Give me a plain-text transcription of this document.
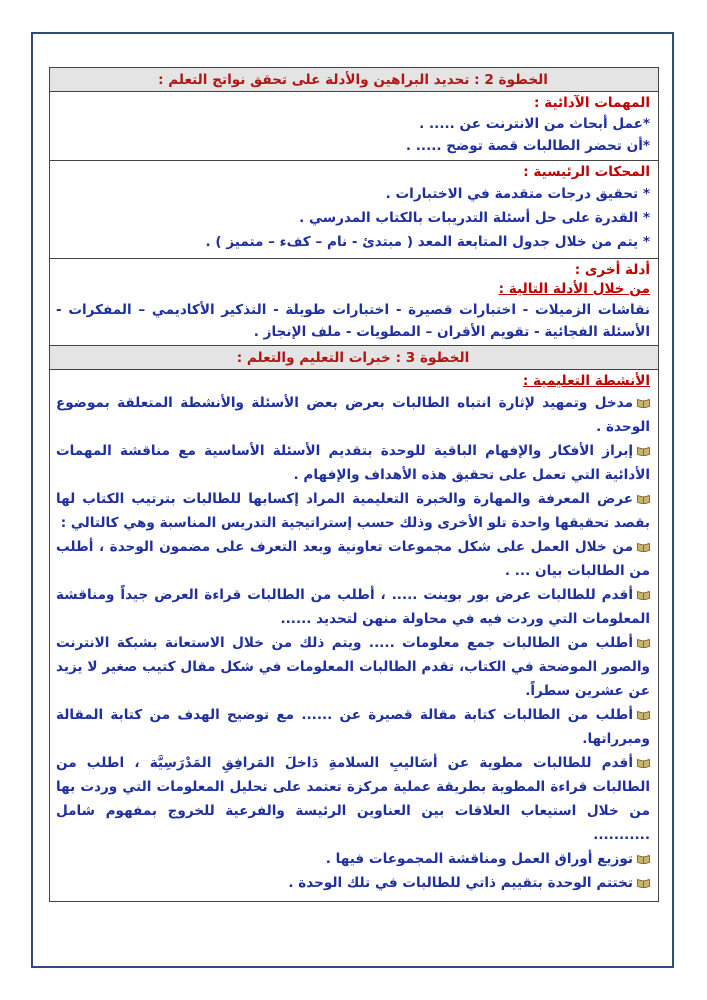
الخطوة 2 : تحديد البراهين والأدلة على تحقق نواتج التعلم :
المهمات الآدائية :
*عمل أبحاث من الانترنت عن ..... .
*أن تحضر الطالبات قصة توضح ..... .
المحكات الرئيسية :
* تحقيق درجات متقدمة في الاختبارات .
* القدرة على حل أسئلة التدريبات بالكتاب المدرسي .
* يتم من خلال جدول المتابعة المعد ( مبتدئ - نام – كفء – متميز ) .
أدلة أخرى :
من خلال الأدلة التالية :
نقاشات الزميلات - اختبارات قصيرة - اختبارات طويلة - التذكير الأكاديمي – المفكرات - الأسئلة الفجائية - تقويم الأقران – المطويات - ملف الإنجاز .
الخطوة 3 : خبرات التعليم والتعلم :
الأنشطة التعليمية :
مدخل وتمهيد لإثارة انتباه الطالبات بعرض بعض الأسئلة والأنشطة المتعلقة بموضوع الوحدة .
إبراز الأفكار والإفهام الباقية للوحدة بتقديم الأسئلة الأساسية مع مناقشة المهمات الأدائية التي تعمل على تحقيق هذه الأهداف والإفهام .
عرض المعرفة والمهارة والخبرة التعليمية المراد إكسابها للطالبات بترتيب الكتاب لها بقصد تحقيقها واحدة تلو الأخرى وذلك حسب إستراتيجية التدريس المناسبة وهي كالتالي :
من خلال العمل على شكل مجموعات تعاونية وبعد التعرف على مضمون الوحدة ، أطلب من الطالبات بيان ... .
أقدم للطالبات عرض بور بوينت ..... ، أطلب من الطالبات قراءة العرض جيداً ومناقشة المعلومات التي وردت فيه في محاولة منهن لتحديد ......
أطلب من الطالبات جمع معلومات ..... ويتم ذلك من خلال الاستعانة بشبكة الانترنت والصور الموضحة في الكتاب، تقدم الطالبات المعلومات في شكل مقال كتيب صغير لا يزيد عن عشرين سطراً.
أطلب من الطالبات كتابة مقالة قصيرة عن ...... مع توضيح الهدف من كتابة المقالة ومبرراتها.
أقدم للطالبات مطوية عن أسَاليبِ السلامةِ دَاخلَ المَرافِقِ المَدْرَسِيَّة ، اطلب من الطالبات قراءة المطوية بطريقة عملية مركزة تعتمد على تحليل المعلومات التي وردت بها من خلال استيعاب العلاقات بين العناوين الرئيسة والفرعية للخروج بمفهوم شامل ...........
توزيع أوراق العمل ومناقشة المجموعات فيها .
تختتم الوحدة بتقييم ذاتي للطالبات في تلك الوحدة .
